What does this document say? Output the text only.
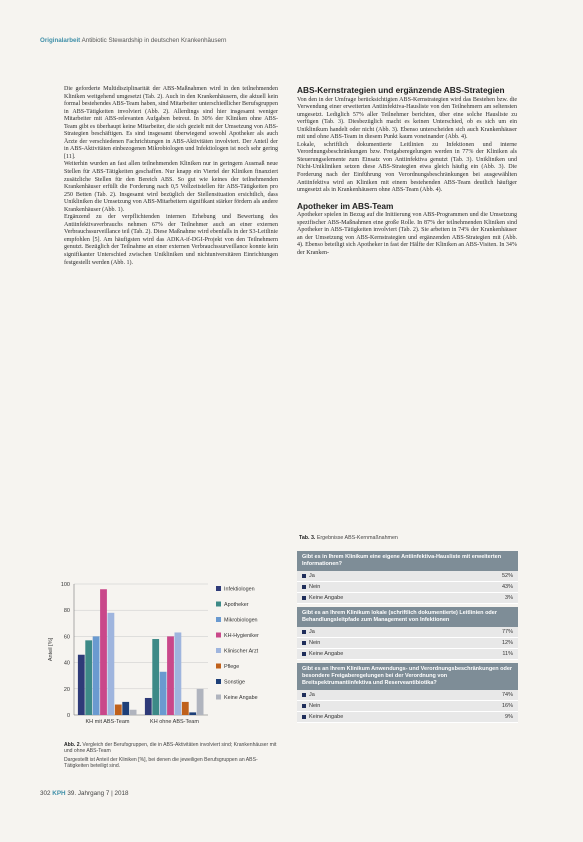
Originalarbeit Antibiotic Stewardship in deutschen Krankenhäusern

Die geforderte Multidisziplinarität der ABS-Maßnahmen wird in den teilnehmenden Kliniken weitgehend umgesetzt (Tab. 2). Auch in den Krankenhäusern, die aktuell kein formal bestehendes ABS-Team haben, sind Mitarbeiter unterschiedlicher Berufsgruppen in ABS-Tätigkeiten involviert (Abb. 2). Allerdings sind hier insgesamt weniger Mitarbeiter mit ABS-relevanten Aufgaben betreut. In 30% der Kliniken ohne ABS-Team gibt es überhaupt keine Mitarbeiter, die sich gezielt mit der Umsetzung von ABS-Strategien beschäftigen. Es sind insgesamt überwiegend sowohl Apotheker als auch Ärzte der verschiedenen Fachrichtungen in ABS-Aktivitäten involviert. Der Anteil der in ABS-Aktivitäten einbezogenen Mikrobiologen und Infektiologen ist noch sehr gering [11].

Weiterhin wurden an fast allen teilnehmenden Kliniken nur in geringem Ausmaß neue Stellen für ABS-Tätigkeiten geschaffen. Nur knapp ein Viertel der Kliniken finanziert zusätzliche Stellen für den Bereich ABS. So gut wie keines der teilnehmenden Krankenhäuser erfüllt die Forderung nach 0,5 Vollzeitstellen für ABS-Tätigkeiten pro 250 Betten (Tab. 2). Insgesamt wird bezüglich der Stellensituation ersichtlich, dass Unikliniken die Umsetzung von ABS-Mitarbeitern signifikant stärker fördern als andere Krankenhäuser (Abb. 1).

Ergänzend zu der verpflichtenden internen Erhebung und Bewertung des Antiinfektivaverbrauchs nehmen 67% der Teilnehmer auch an einer externen Verbrauchssurveillance teil (Tab. 2). Diese Maßnahme wird ebenfalls in der S3-Leitlinie empfohlen [5]. Am häufigsten wird das ADKA-if-DGI-Projekt von den Teilnehmern genutzt. Bezüglich der Teilnahme an einer externen Verbrauchssurveillance konnte kein signifikanter Unterschied zwischen Unikliniken und nichtuniversitären Einrichtungen festgestellt werden (Abb. 1).

ABS-Kernstrategien und ergänzende ABS-Strategien

Von den in der Umfrage berücksichtigten ABS-Kernstrategien wird das Bestehen bzw. die Verwendung einer erweiterten Antiinfektiva-Hausliste von den Teilnehmern am seltensten umgesetzt. Lediglich 57% aller Teilnehmer berichten, über eine solche Hausliste zu verfügen (Tab. 3). Diesbezüglich macht es keinen Unterschied, ob es sich um ein Uniklinikum handelt oder nicht (Abb. 3). Ebenso unterscheiden sich auch Krankenhäuser mit und ohne ABS-Team in diesem Punkt kaum voneinander (Abb. 4).

Lokale, schriftlich dokumentierte Leitlinien zu Infektionen und interne Verordnungsbeschränkungen bzw. Freigaberegelungen werden in 77% der Kliniken als Steuerungselemente zum Einsatz von Antiinfektiva genutzt (Tab. 3). Unikliniken und Nicht-Unikliniken setzen diese ABS-Strategien etwa gleich häufig ein (Abb. 3). Die Forderung nach der Einführung von Verordnungsbeschränkungen bei ausgewählten Antiinfektiva wird an Kliniken mit einem bestehenden ABS-Team deutlich häufiger umgesetzt als in Krankenhäusern ohne ABS-Team (Abb. 4).

Apotheker im ABS-Team

Apotheker spielen in Bezug auf die Initiierung von ABS-Programmen und die Umsetzung spezifischer ABS-Maßnahmen eine große Rolle. In 87% der teilnehmenden Kliniken sind Apotheker in ABS-Tätigkeiten involviert (Tab. 2). Sie arbeiten in 74% der Krankenhäuser an der Umsetzung von ABS-Kernstrategien und ergänzenden ABS-Strategien mit (Abb. 4). Ebenso beteiligt sich Apotheker in fast der Hälfte der Kliniken an ABS-Visiten. In 34% der Kranken-

0
20
40
60
80
100
Anteil [%]
KH mit ABS-Team	KH ohne ABS-Team
Infektiologen
Apotheker
Mikrobiologen
KH-Hygieniker
Klinischer Arzt
Pflege
Sonstige
Keine Angabe

Abb. 2. Vergleich der Berufsgruppen, die in ABS-Aktivitäten involviert sind; Krankenhäuser mit und ohne ABS-Team

Dargestellt ist Anteil der Kliniken [%], bei denen die jeweiligen Berufsgruppen an ABS-Tätigkeiten beteiligt sind.

Tab. 3. Ergebnisse ABS-Kernmaßnahmen
Gibt es in Ihrem Klinikum eine eigene Antiinfektiva-Hausliste mit erweiterten Informationen?
Ja	52%
Nein	43%
Keine Angabe	3%
Gibt es an Ihrem Klinikum lokale (schriftlich dokumentierte) Leitlinien oder Behandlungsleitpfade zum Management von Infektionen
Ja	77%
Nein	12%
Keine Angabe	11%
Gibt es an Ihrem Klinikum Anwendungs- und Verordnungsbeschränkungen oder besondere Freigaberegelungen bei der Verordnung von Breitspektrumantiinfektiva und Reserveantibiotika?
Ja	74%
Nein	16%
Keine Angabe	9%
302 KPH 39. Jahrgang 7 | 2018
